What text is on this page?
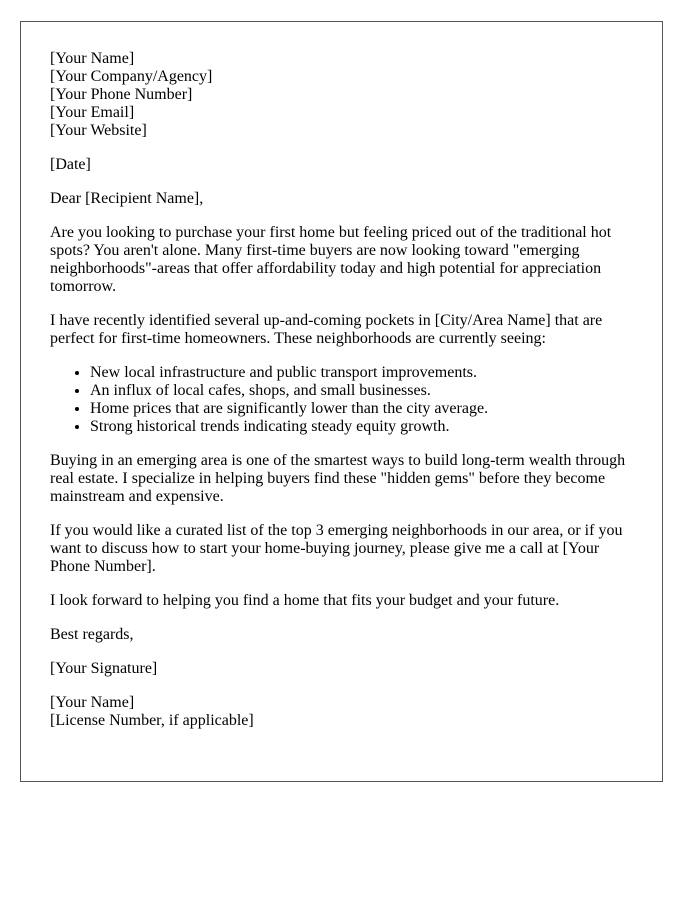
[Your Name]
[Your Company/Agency]
[Your Phone Number]
[Your Email]
[Your Website]

[Date]

Dear [Recipient Name],

Are you looking to purchase your first home but feeling priced out of the traditional hot spots? You aren't alone. Many first-time buyers are now looking toward "emerging neighborhoods"-areas that offer affordability today and high potential for appreciation tomorrow.

I have recently identified several up-and-coming pockets in [City/Area Name] that are perfect for first-time homeowners. These neighborhoods are currently seeing:

• New local infrastructure and public transport improvements.
• An influx of local cafes, shops, and small businesses.
• Home prices that are significantly lower than the city average.
• Strong historical trends indicating steady equity growth.

Buying in an emerging area is one of the smartest ways to build long-term wealth through real estate. I specialize in helping buyers find these "hidden gems" before they become mainstream and expensive.

If you would like a curated list of the top 3 emerging neighborhoods in our area, or if you want to discuss how to start your home-buying journey, please give me a call at [Your Phone Number].

I look forward to helping you find a home that fits your budget and your future.

Best regards,

[Your Signature]

[Your Name]
[License Number, if applicable]
